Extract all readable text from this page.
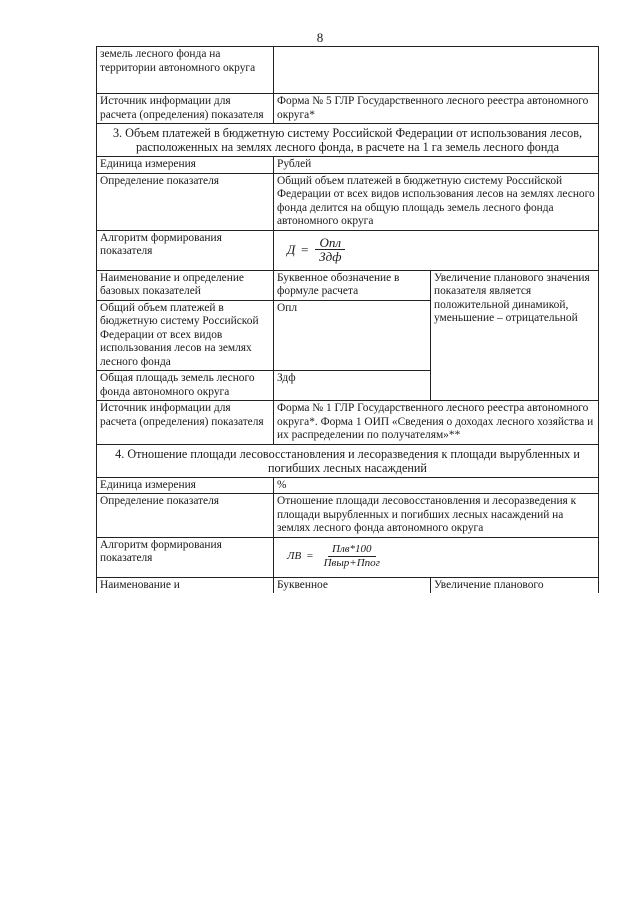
8
земель лесного фонда на территории автономного округа		
Источник информации для расчета (определения) показателя	Форма № 5 ГЛР Государственного лесного реестра автономного округа*	
3. Объем платежей в бюджетную систему Российской Федерации от использования лесов, расположенных на землях лесного фонда, в расчете на 1 га земель лесного фонда		
Единица измерения	Рублей	
Определение показателя	Общий объем платежей в бюджетную систему Российской Федерации от всех видов использования лесов на землях лесного фонда делится на общую площадь земель лесного фонда автономного округа	
Алгоритм формирования показателя	$Д = \frac{\text{Опл}}{\text{Здф}}$

Наименование и определение базовых показателей	Буквенное обозначение в формуле расчета	Увеличение планового значения показателя является положительной динамикой, уменьшение – отрицательной
Общий объем платежей в бюджетную систему Российской Федерации от всех видов использования лесов на землях лесного фонда	Опл	
Общая площадь земель лесного фонда автономного округа	Здф	
Источник информации для расчета (определения) показателя	Форма № 1 ГЛР Государственного лесного реестра автономного округа*. Форма 1 ОИП «Сведения о доходах лесного хозяйства и их распределении по получателям»**	
4. Отношение площади лесовосстановления и лесоразведения к площади вырубленных и погибших лесных насаждений		
Единица измерения	%	
Определение показателя	Отношение площади лесовосстановления и лесоразведения к площади вырубленных и погибших лесных насаждений на землях лесного фонда автономного округа	
Алгоритм формирования показателя	ЛВ = $\frac{\text{Плв*100}}{\text{Пвыр+Ппог}}$

Наименование и	Буквенное	Увеличение планового
